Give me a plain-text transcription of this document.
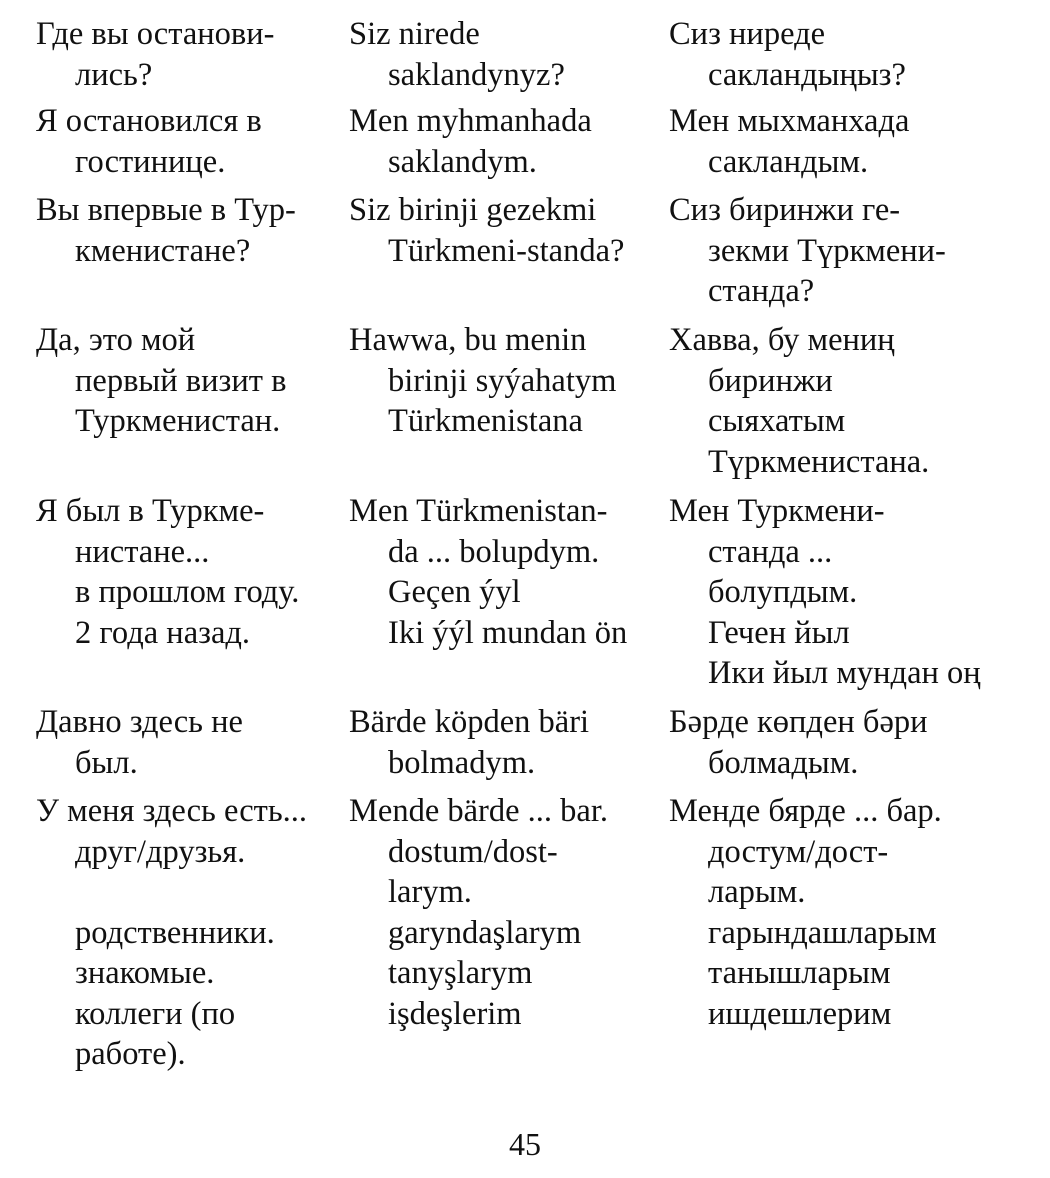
Где вы останови-
лись?
Siz nirede
saklandynyz?
Сиз ниреде
сакландыңыз?
Я остановился в
гостинице.
Men myhmanhada
saklandym.
Мен мыхманхада
сакландым.
Вы впервые в Тур-
кменистане?
Siz birinji gezekmi
Türkmeni-standa?
Сиз биринжи ге-
зекми Түркмени-
станда?
Да, это мой
первый визит в
Туркменистан.
Hawwa, bu menin
birinji syýahatym
Türkmenistana
Хавва, бу мениң
биринжи
сыяхатым
Түркменистана.
Я был в Туркме-
нистане...
в прошлом году.
2 года назад.
Men Türkmenistan-
da ... bolupdym.
Geçen ýyl
Iki ýýl mundan ön
Мен Туркмени-
станда ...
болупдым.
Гечен йыл
Ики йыл мундан оң
Давно здесь не
был.
Bärde köpden bäri
bolmadym.
Бәрде көпден бәри
болмадым.
У меня здесь есть...
друг/друзья.

родственники.
знакомые.
коллеги (по
работе).
Mende bärde ... bar.
dostum/dost-
larym.
garyndaşlarym
tanyşlarym
işdeşlerim
Менде бярде ... бар.
достум/дост-
ларым.
гарындашларым
танышларым
ишдешлерим
45
